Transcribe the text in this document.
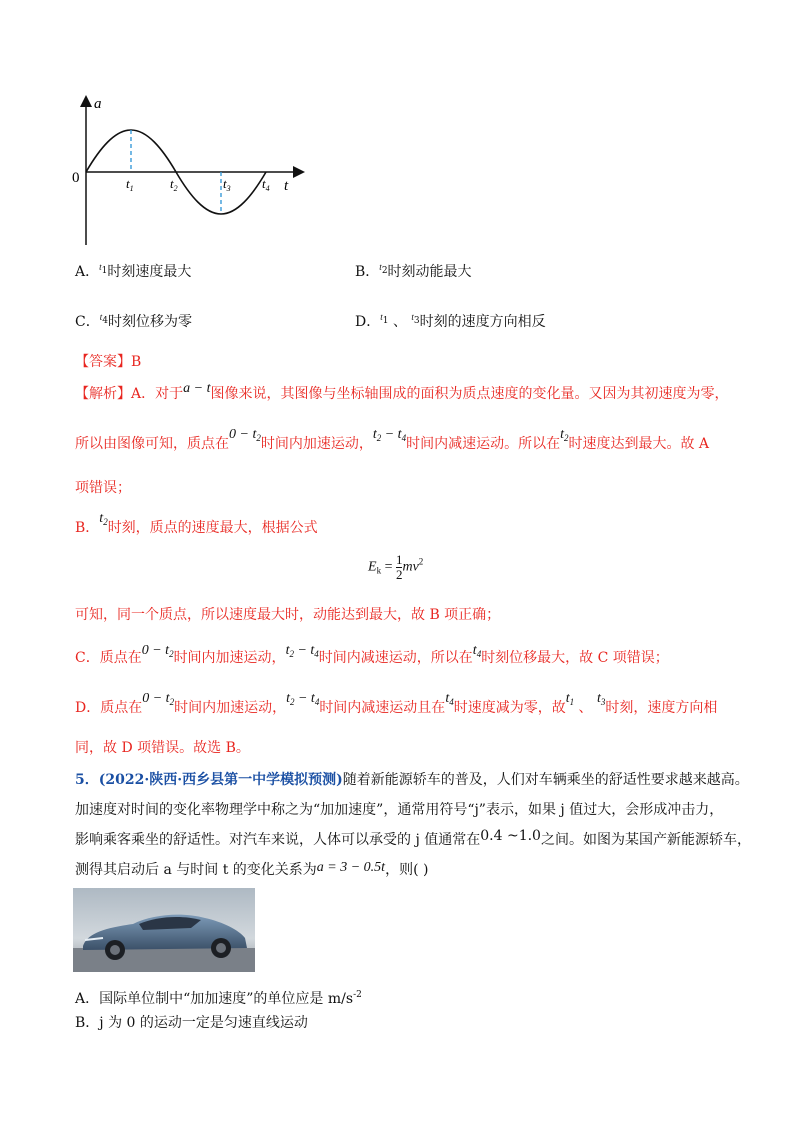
a
t
0	$t_1$	$t_2$	$t_3$ $t_4$
A．$^{t1}$时刻速度最大	B．$^{t2}$时刻动能最大
C．$^{t4}$时刻位移为零	D．$^{t1}$ 、 $^{t3}$时刻的速度方向相反
【答案】B
【解析】A．对于a − t图像来说，其图像与坐标轴围成的面积为质点速度的变化量。又因为其初速度为零，
所以由图像可知，质点在$0 - t_2$时间内加速运动，$t_2 - t_4$时间内减速运动。所以在$t_2$时速度达到最大。故 A
项错误；
B．$t_2$时刻，质点的速度最大，根据公式
$E_k = \frac{1}{2} mv^2$
可知，同一个质点，所以速度最大时，动能达到最大，故 B 项正确；
C．质点在$0 - t_2$时间内加速运动，$t_2 - t_4$时间内减速运动，所以在$t_4$时刻位移最大，故 C 项错误；
D．质点在$0 - t_2$时间内加速运动，$t_2 - t_4$时间内减速运动且在$t_4$时速度减为零，故$t_1$ 、 $t_3$时刻，速度方向相
同，故 D 项错误。故选 B。
5．(2022·陕西·西乡县第一中学模拟预测)随着新能源轿车的普及，人们对车辆乘坐的舒适性要求越来越高。
加速度对时间的变化率物理学中称之为“加加速度”，通常用符号“j”表示，如果 j 值过大，会形成冲击力，
影响乘客乘坐的舒适性。对汽车来说，人体可以承受的 j 值通常在0.4 ~1.0之间。如图为某国产新能源轿车，
测得其启动后 a 与时间 t 的变化关系为a = 3 − 0.5t，则( )
A．国际单位制中“加加速度”的单位应是 $m/s^{-2}$
B．j 为 0 的运动一定是匀速直线运动
